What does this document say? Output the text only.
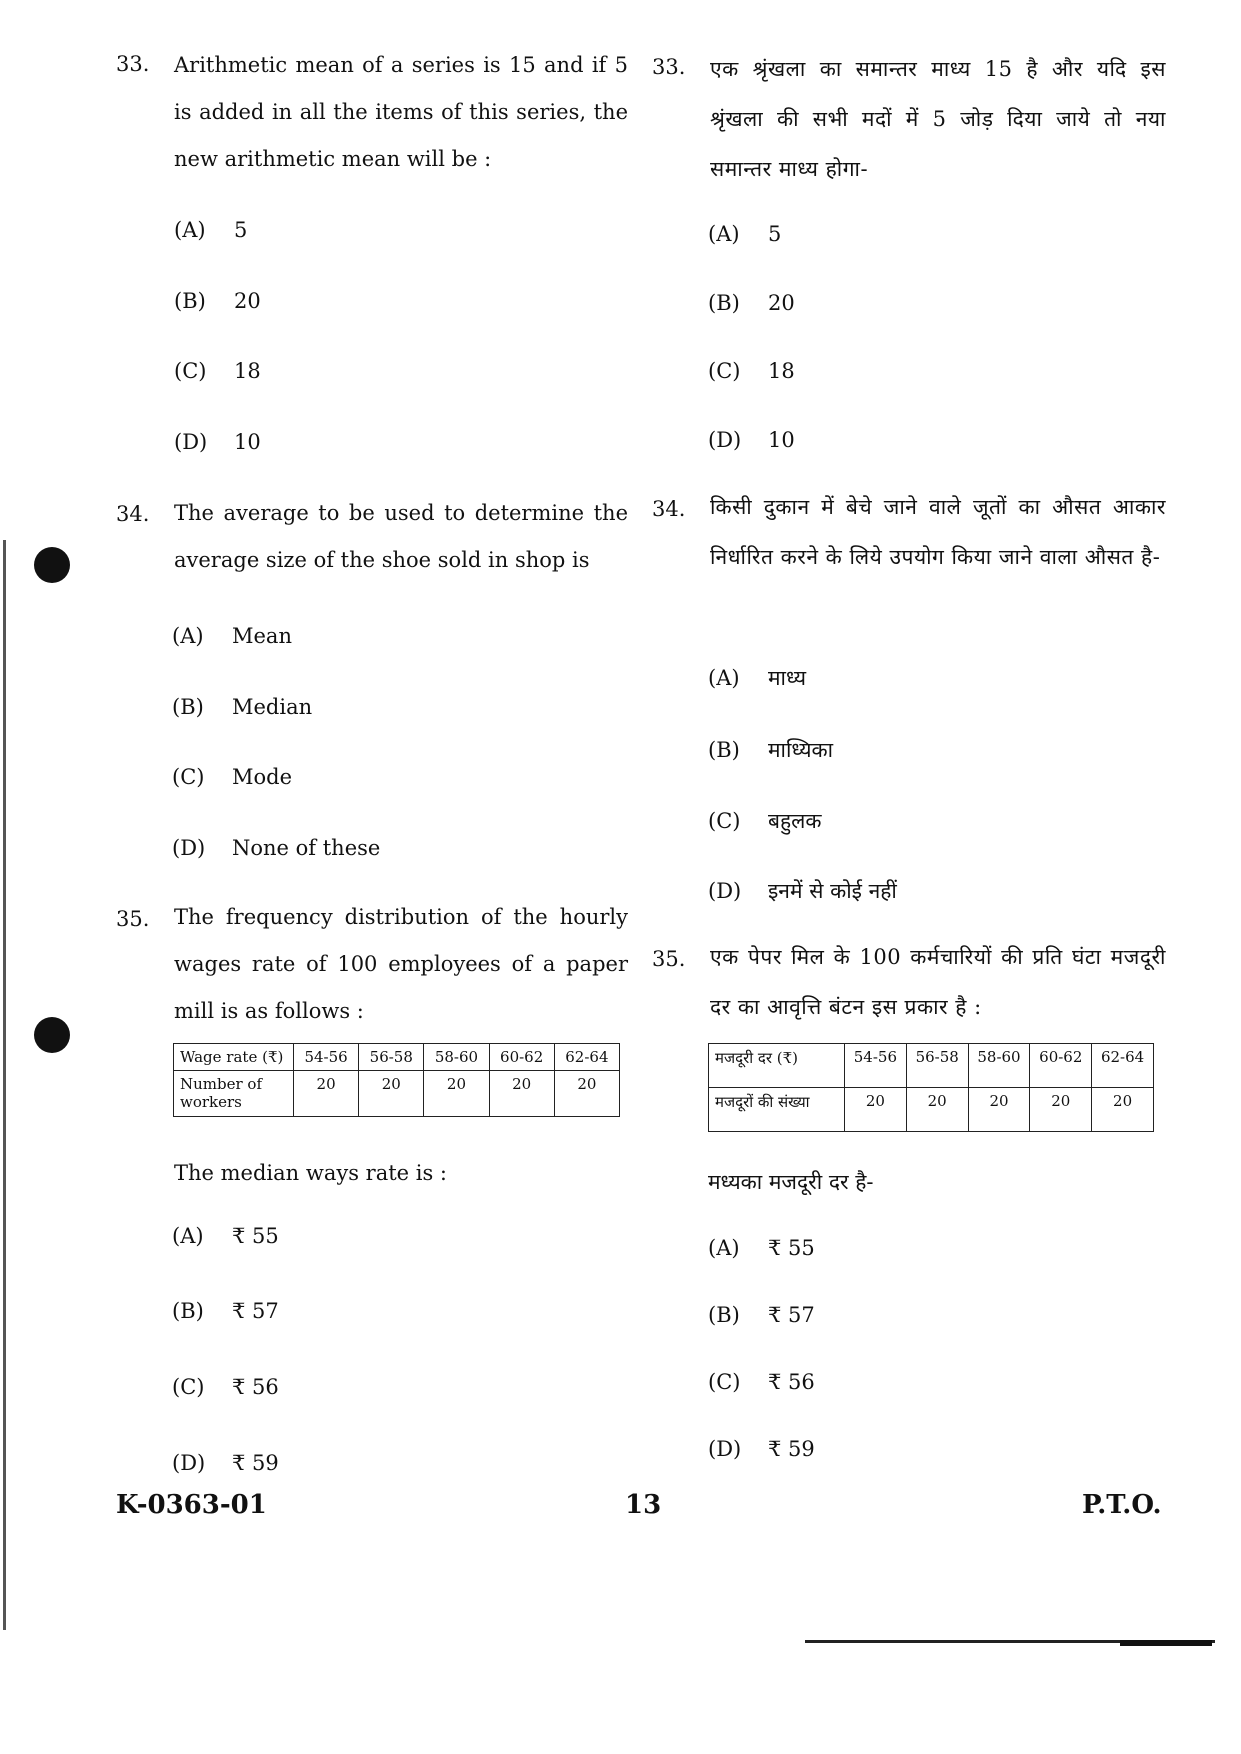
33. Arithmetic mean of a series is 15 and if 5 is added in all the items of this series, the new arithmetic mean will be :
(A) 5
(B) 20
(C) 18
(D) 10
34. The average to be used to determine the average size of the shoe sold in shop is
(A) Mean
(B) Median
(C) Mode
(D) None of these
35. The frequency distribution of the hourly wages rate of 100 employees of a paper mill is as follows :
Wage rate (₹)	54-56	56-58	58-60	60-62	62-64
Number of workers	20	20	20	20	20
The median ways rate is :
(A) ₹ 55
(B) ₹ 57
(C) ₹ 56
(D) ₹ 59
33. एक श्रृंखला का समान्तर माध्य 15 है और यदि इस श्रृंखला की सभी मदों में 5 जोड़ दिया जाये तो नया समान्तर माध्य होगा-
(A) 5
(B) 20
(C) 18
(D) 10
34. किसी दुकान में बेचे जाने वाले जूतों का औसत आकार निर्धारित करने के लिये उपयोग किया जाने वाला औसत है-
(A) माध्य
(B) माध्यिका
(C) बहुलक
(D) इनमें से कोई नहीं
35. एक पेपर मिल के 100 कर्मचारियों की प्रति घंटा मजदूरी दर का आवृत्ति बंटन इस प्रकार है :
मजदूरी दर (₹)	54-56	56-58	58-60	60-62	62-64
मजदूरों की संख्या	20	20	20	20	20
मध्यका मजदूरी दर है-
(A) ₹ 55
(B) ₹ 57
(C) ₹ 56
(D) ₹ 59
K-0363-01	13	P.T.O.
